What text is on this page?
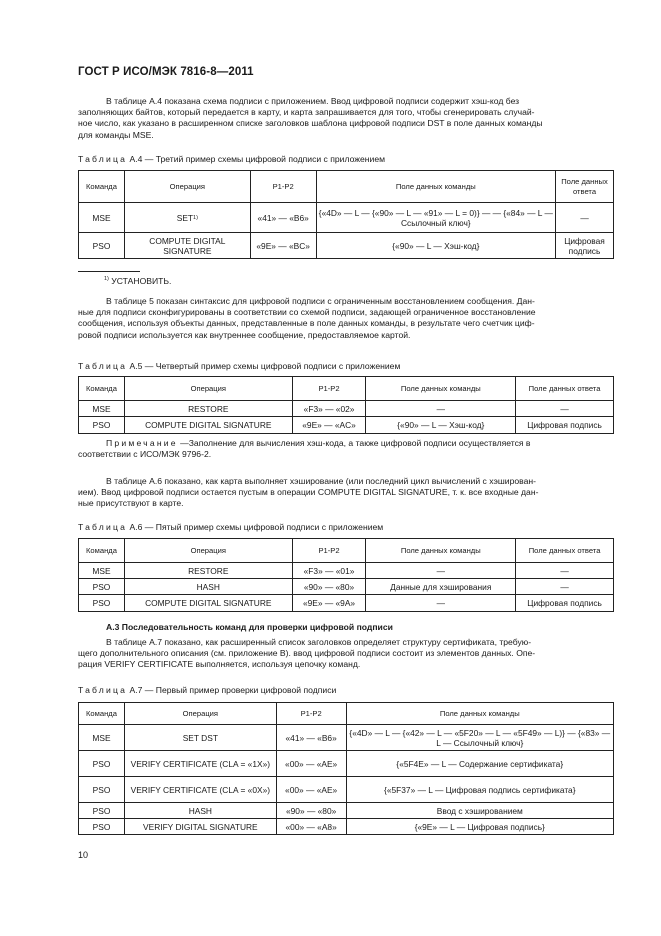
ГОСТ Р ИСО/МЭК 7816-8—2011
В таблице А.4 показана схема подписи с приложением. Ввод цифровой подписи содержит хэш-код без
заполняющих байтов, который передается в карту, и карта запрашивается для того, чтобы сгенерировать случай-
ное число, как указано в расширенном списке заголовков шаблона цифровой подписи DST в поле данных команды
для команды MSE.
Таблица А.4 — Третий пример схемы цифровой подписи с приложением
Команда	Операция	P1-P2	Поле данных команды	Поле данных ответа
MSE	SET$^{1)}$	«41» — «B6»	{«4D» — L — {«90» — L — «91» — L = 0)} — — {«84» — L — Ссылочный ключ}	—
PSO	COMPUTE DIGITAL SIGNATURE	«9E» — «BC»	{«90» — L — Хэш-код}	Цифровая подпись
$^{1)}$ УСТАНОВИТЬ.
В таблице 5 показан синтаксис для цифровой подписи с ограниченным восстановлением сообщения. Дан-
ные для подписи сконфигурированы в соответствии со схемой подписи, задающей ограниченное восстановление
сообщения, используя объекты данных, представленные в поле данных команды, в результате чего счетчик циф-
ровой подписи используется как внутреннее сообщение, предоставляемое картой.
Таблица А.5 — Четвертый пример схемы цифровой подписи с приложением
Команда	Операция	P1-P2	Поле данных команды	Поле данных ответа
MSE	RESTORE	«F3» — «02»	—	—
PSO	COMPUTE DIGITAL SIGNATURE	«9E» — «AC»	{«90» — L — Хэш-код}	Цифровая подпись
Примечание —Заполнение для вычисления хэш-кода, а также цифровой подписи осуществляется в
соответствии с ИСО/МЭК 9796-2.
В таблице А.6 показано, как карта выполняет хэширование (или последний цикл вычислений с хэширован-
ием). Ввод цифровой подписи остается пустым в операции COMPUTE DIGITAL SIGNATURE, т. к. все входные дан-
ные присутствуют в карте.
Таблица А.6 — Пятый пример схемы цифровой подписи с приложением
Команда	Операция	P1-P2	Поле данных команды	Поле данных ответа
MSE	RESTORE	«F3» — «01»	—	—
PSO	HASH	«90» — «80»	Данные для хэширования	—
PSO	COMPUTE DIGITAL SIGNATURE	«9E» — «9A»	—	Цифровая подпись
А.3 Последовательность команд для проверки цифровой подписи
В таблице А.7 показано, как расширенный список заголовков определяет структуру сертификата, требую-
щего дополнительного описания (см. приложение В). ввод цифровой подписи состоит из элементов данных. Опе-
рация VERIFY CERTIFICATE выполняется, используя цепочку команд.
Таблица А.7 — Первый пример проверки цифровой подписи
Команда	Операция	P1-P2	Поле данных команды
MSE	SET DST	«41» — «B6»	{«4D» — L — {«42» — L — «5F20» — L — «5F49» — L)} — {«83» — L — Ссылочный ключ}
PSO	VERIFY CERTIFICATE (CLA = «1X»)	«00» — «AE»	{«5F4E» — L — Содержание сертификата}
PSO	VERIFY CERTIFICATE (CLA = «0X»)	«00» — «AE»	{«5F37» — L — Цифровая подпись сертификата}
PSO	HASH	«90» — «80»	Ввод с хэшированием
PSO	VERIFY DIGITAL SIGNATURE	«00» — «A8»	{«9E» — L — Цифровая подпись}
10
